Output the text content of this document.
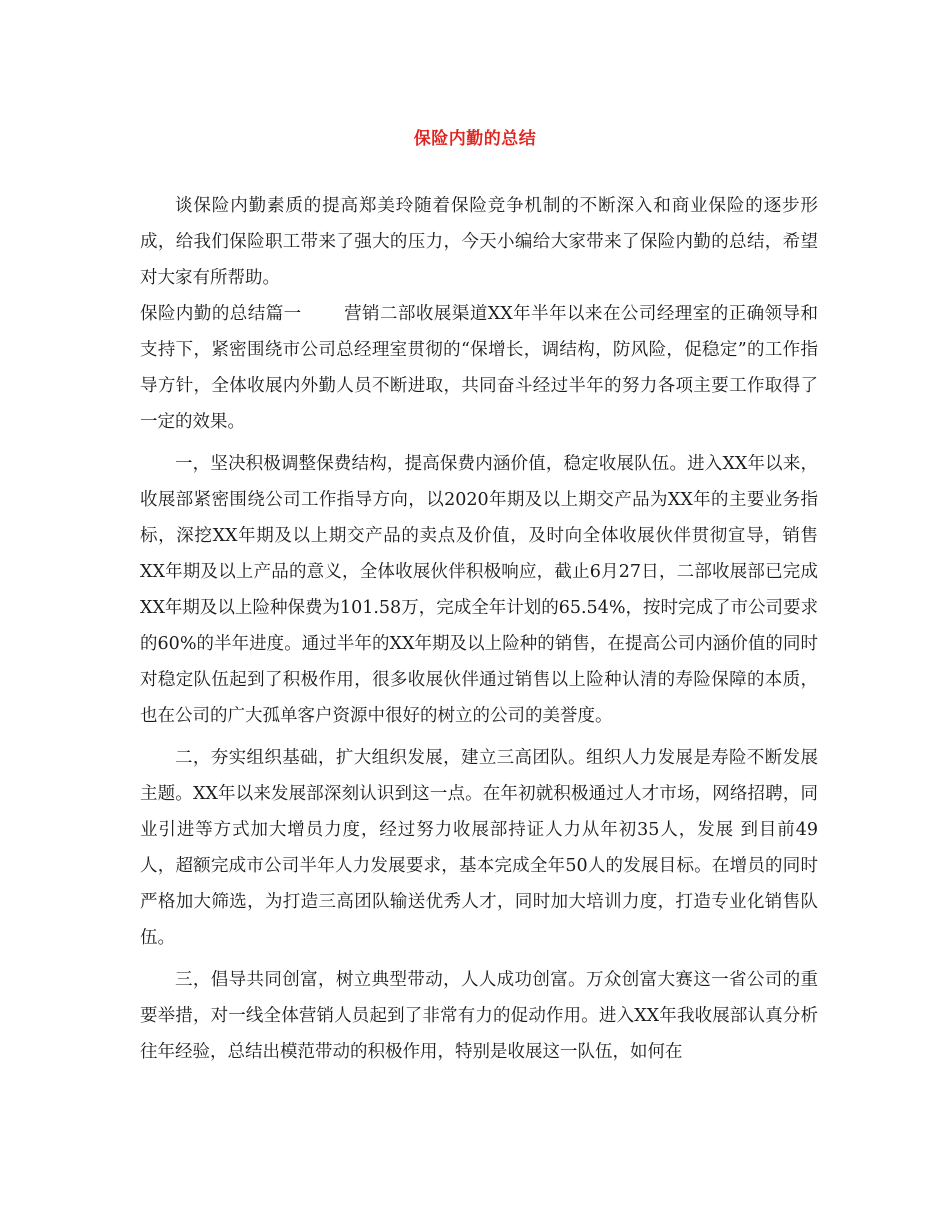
保险内勤的总结

谈保险内勤素质的提高郑美玲随着保险竞争机制的不断深入和商业保险的逐步形成，给我们保险职工带来了强大的压力，今天小编给大家带来了保险内勤的总结，希望对大家有所帮助。

保险内勤的总结篇一 营销二部收展渠道XX年半年以来在公司经理室的正确领导和支持下，紧密围绕市公司总经理室贯彻的“保增长，调结构，防风险，促稳定”的工作指导方针，全体收展内外勤人员不断进取，共同奋斗经过半年的努力各项主要工作取得了一定的效果。

一，坚决积极调整保费结构，提高保费内涵价值，稳定收展队伍。进入XX年以来，收展部紧密围绕公司工作指导方向，以2020年期及以上期交产品为XX年的主要业务指标，深挖XX年期及以上期交产品的卖点及价值，及时向全体收展伙伴贯彻宣导，销售XX年期及以上产品的意义，全体收展伙伴积极响应，截止6月27日，二部收展部已完成XX年期及以上险种保费为101.58万，完成全年计划的65.54%，按时完成了市公司要求的60%的半年进度。通过半年的XX年期及以上险种的销售，在提高公司内涵价值的同时对稳定队伍起到了积极作用，很多收展伙伴通过销售以上险种认清的寿险保障的本质，也在公司的广大孤单客户资源中很好的树立的公司的美誉度。

二，夯实组织基础，扩大组织发展，建立三高团队。组织人力发展是寿险不断发展主题。XX年以来发展部深刻认识到这一点。在年初就积极通过人才市场，网络招聘，同业引进等方式加大增员力度，经过努力收展部持证人力从年初35人，发展 到目前49人，超额完成市公司半年人力发展要求，基本完成全年50人的发展目标。在增员的同时严格加大筛选，为打造三高团队输送优秀人才，同时加大培训力度，打造专业化销售队伍。

三，倡导共同创富，树立典型带动，人人成功创富。万众创富大赛这一省公司的重要举措，对一线全体营销人员起到了非常有力的促动作用。进入XX年我收展部认真分析往年经验，总结出模范带动的积极作用，特别是收展这一队伍，如何在
